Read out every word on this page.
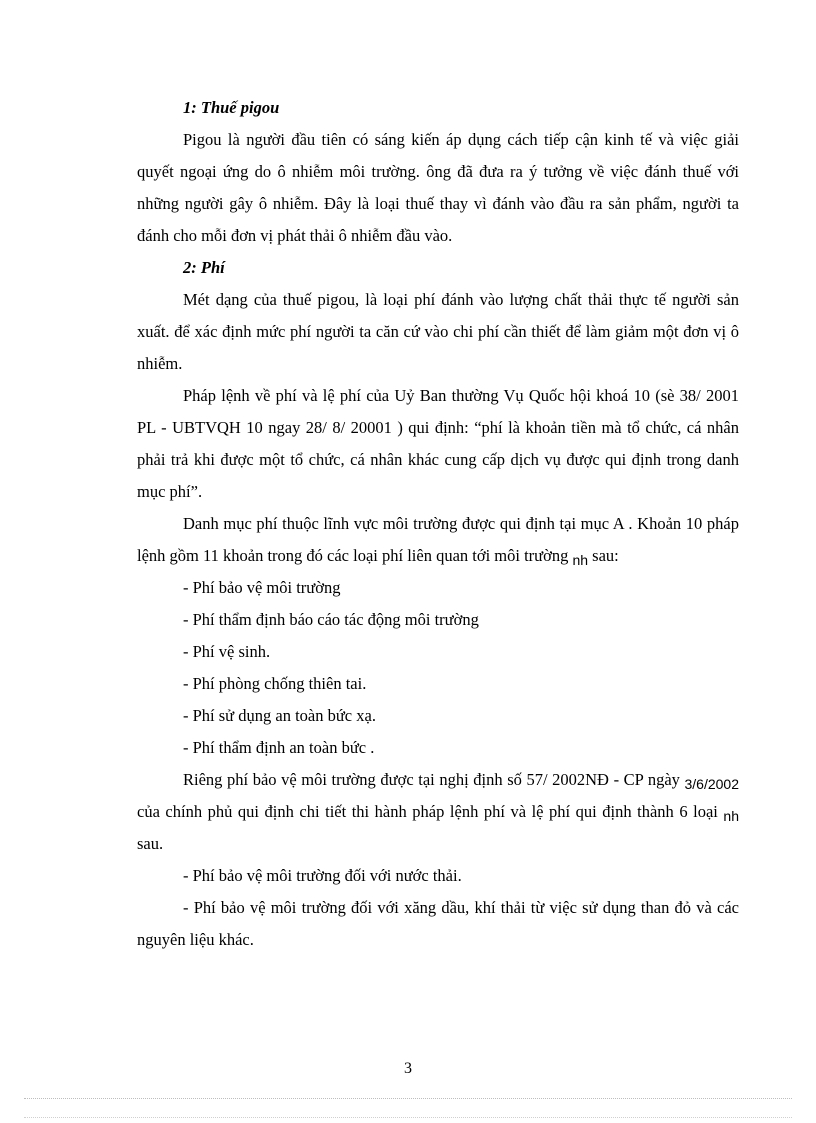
1: Thuế pigou

Pigou là người đầu tiên có sáng kiến áp dụng cách tiếp cận kinh tế và việc giải quyết ngoại ứng do ô nhiễm môi trường. ông đã đưa ra ý tưởng về việc đánh thuế với những người gây ô nhiễm. Đây là loại thuế thay vì đánh vào đầu ra sản phẩm, người ta đánh cho mỗi đơn vị phát thải ô nhiễm đầu vào.

2: Phí

Mét dạng của thuế pigou, là loại phí đánh vào lượng chất thải thực tế người sản xuất. để xác định mức phí người ta căn cứ vào chi phí cần thiết để làm giảm một đơn vị ô nhiễm.

Pháp lệnh về phí và lệ phí của Uỷ Ban thường Vụ Quốc hội khoá 10 (sè 38/ 2001 PL - UBTVQH 10 ngay 28/ 8/ 20001 ) qui định: “phí là khoản tiền mà tổ chức, cá nhân phải trả khi được một tổ chức, cá nhân khác cung cấp dịch vụ được qui định trong danh mục phí”.

Danh mục phí thuộc lĩnh vực môi trường được qui định tại mục A . Khoản 10 pháp lệnh gồm 11 khoản trong đó các loại phí liên quan tới môi trường $_{nh}$ sau:

- Phí bảo vệ môi trường

- Phí thẩm định báo cáo tác động môi trường

- Phí vệ sinh.

- Phí phòng chống thiên tai.

- Phí sử dụng an toàn bức xạ.

- Phí thẩm định an toàn bức .

Riêng phí bảo vệ môi trường được tại nghị định số 57/ 2002NĐ - CP ngày $_{3/6/2002}$ của chính phủ qui định chi tiết thi hành pháp lệnh phí và lệ phí qui định thành 6 loại $_{nh}$ sau.

- Phí bảo vệ môi trường đối với nước thải.

- Phí bảo vệ môi trường đối với xăng dầu, khí thải từ việc sử dụng than đỏ và các nguyên liệu khác.

3
